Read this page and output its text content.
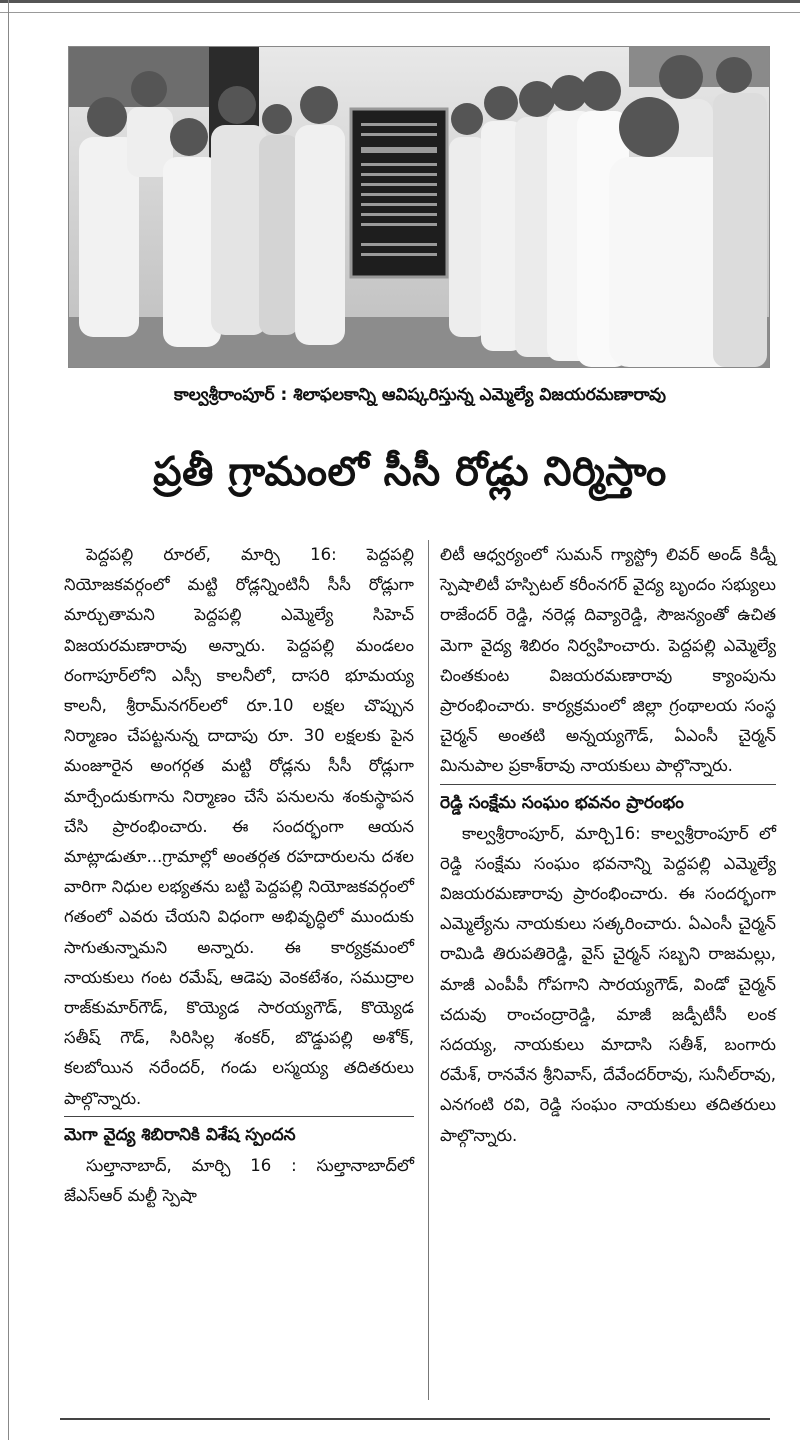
కాల్వశ్రీరాంపూర్ : శిలాఫలకాన్ని ఆవిష్కరిస్తున్న ఎమ్మెల్యే విజయరమణారావు
ప్రతీ గ్రామంలో సీసీ రోడ్లు నిర్మిస్తాం

పెద్దపల్లి రూరల్, మార్చి 16: పెద్దపల్లి నియోజకవర్గంలో మట్టి రోడ్లన్నింటినీ సీసీ రోడ్లుగా మార్చుతామని పెద్దపల్లి ఎమ్మెల్యే సిహెచ్ విజయరమణారావు అన్నారు. పెద్దపల్లి మండలం రంగాపూర్‌లోని ఎస్సీ కాలనీలో, దాసరి భూమయ్య కాలనీ, శ్రీరామ్‌నగర్‌లలో రూ.10 లక్షల చొప్పున నిర్మాణం చేపట్టనున్న దాదాపు రూ. 30 లక్షలకు పైన మంజూరైన అంగర్గత మట్టి రోడ్లను సీసీ రోడ్లుగా మార్చేందుకుగాను నిర్మాణం చేసే పనులను శంకుస్థాపన చేసి ప్రారంభించారు. ఈ సందర్భంగా ఆయన మాట్లాడుతూ...గ్రామాల్లో అంతర్గత రహదారులను దశల వారిగా నిధుల లభ్యతను బట్టి పెద్దపల్లి నియోజకవర్గంలో గతంలో ఎవరు చేయని విధంగా అభివృద్ధిలో ముందుకు సాగుతున్నామని అన్నారు. ఈ కార్యక్రమంలో నాయకులు గంట రమేష్, ఆడెపు వెంకటేశం, సముద్రాల రాజ్‌కుమార్‌గౌడ్, కొయ్యెడ సారయ్యగౌడ్, కొయ్యెడ సతీష్ గౌడ్, సిరిసిల్ల శంకర్, బొడ్డుపల్లి అశోక్, కలబోయిన నరేందర్, గండు లస్మయ్య తదితరులు పాల్గొన్నారు.

మెగా వైద్య శిబిరానికి విశేష స్పందన

సుల్తానాబాద్, మార్చి 16 : సుల్తానాబాద్‌లో జేఎస్ఆర్ మల్టీ స్పెషా

లిటీ ఆధ్వర్యంలో సుమన్ గ్యాస్ట్రో లివర్ అండ్ కిడ్నీ స్పెషాలిటీ హస్పిటల్ కరీంనగర్ వైద్య బృందం సభ్యులు రాజేందర్ రెడ్డి, నరెడ్ల దివ్యారెడ్డి, సౌజన్యంతో ఉచిత మెగా వైద్య శిబిరం నిర్వహించారు. పెద్దపల్లి ఎమ్మెల్యే చింతకుంట విజయరమణారావు క్యాంపును ప్రారంభించారు. కార్యక్రమంలో జిల్లా గ్రంథాలయ సంస్థ చైర్మన్ అంతటి అన్నయ్యగౌడ్, ఏఎంసీ చైర్మన్ మినుపాల ప్రకాశ్‌రావు నాయకులు పాల్గొన్నారు.

రెడ్డి సంక్షేమ సంఘం భవనం ప్రారంభం

కాల్వశ్రీరాంపూర్, మార్చి16: కాల్వశ్రీరాంపూర్ లో రెడ్డి సంక్షేమ సంఘం భవనాన్ని పెద్దపల్లి ఎమ్మెల్యే విజయరమణారావు ప్రారంభించారు. ఈ సందర్భంగా ఎమ్మెల్యేను నాయకులు సత్కరించారు. ఏఎంసీ చైర్మన్ రామిడి తిరుపతిరెడ్డి, వైస్ చైర్మన్ సబ్బని రాజమల్లు, మాజీ ఎంపీపీ గోపగాని సారయ్యగౌడ్, విండో చైర్మన్ చదువు రాంచంద్రారెడ్డి, మాజీ జడ్పీటీసీ లంక సదయ్య, నాయకులు మాదాసి సతీశ్, బంగారు రమేశ్, రానవేన శ్రీనివాస్, దేవేందర్‌రావు, సునీల్‌రావు, ఎనగంటి రవి, రెడ్డి సంఘం నాయకులు తదితరులు పాల్గొన్నారు.
